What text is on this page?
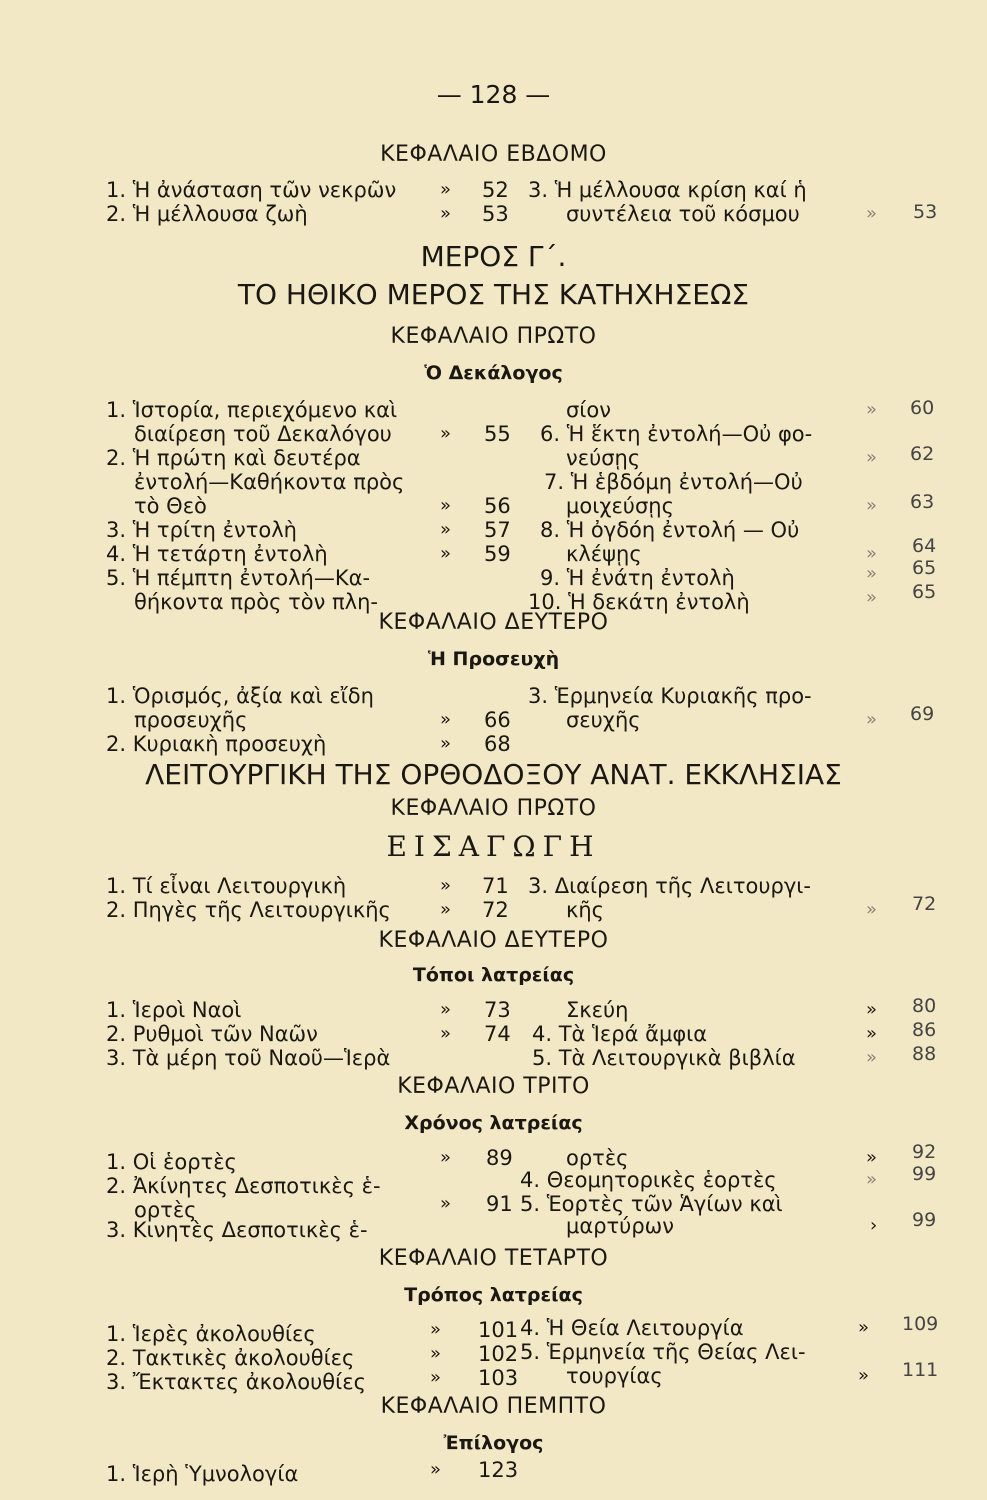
— 128 —
ΚΕΦΑΛΑΙΟ ΕΒΔΟΜΟ
1. Ἡ ἀνάσταση τῶν νεκρῶν » 52
2. Ἡ μέλλουσα ζωὴ	» 53
3. Ἡ μέλλουσα κρίση καί ἡ
συντέλεια τοῦ κόσμου	» 53
ΜΕΡΟΣ Γ΄.
ΤΟ ΗΘΙΚΟ ΜΕΡΟΣ ΤΗΣ ΚΑΤΗΧΗΣΕΩΣ
ΚΕΦΑΛΑΙΟ ΠΡΩΤΟ
Ὁ Δεκάλογος
1. Ἱστορία, περιεχόμενο καὶ
διαίρεση τοῦ Δεκαλόγου	» 55
2. Ἡ πρώτη καὶ δευτέρα
ἐντολή—Καθήκοντα πρὸς
τὸ Θεὸ	» 56
3. Ἡ τρίτη ἐντολὴ	» 57
4. Ἡ τετάρτη ἐντολὴ	» 59
5. Ἡ πέμπτη ἐντολή—Κα-
θήκοντα πρὸς τὸν πλη-
σίον	» 60
6. Ἡ ἕκτη ἐντολή—Οὐ φο-
νεύσῃς	» 62
7. Ἡ ἑβδόμη ἐντολή—Οὐ
μοιχεύσῃς	» 63
8. Ἡ ὀγδόη ἐντολή — Οὐ
κλέψῃς	» 64
9. Ἡ ἐνάτη ἐντολὴ	» 65
10. Ἡ δεκάτη ἐντολὴ	» 65
ΚΕΦΑΛΑΙΟ ΔΕΥΤΕΡΟ
Ἡ Προσευχὴ
1. Ὁρισμός, ἀξία καὶ εἴδη
προσευχῆς	» 66
2. Κυριακὴ προσευχὴ	» 68
3. Ἑρμηνεία Κυριακῆς προ-
σευχῆς	» 69
ΛΕΙΤΟΥΡΓΙΚΗ ΤΗΣ ΟΡΘΟΔΟΞΟΥ ΑΝΑΤ. ΕΚΚΛΗΣΙΑΣ
ΚΕΦΑΛΑΙΟ ΠΡΩΤΟ
ΕΙΣΑΓΩΓΗ
1. Τί εἶναι Λειτουργικὴ	» 71
2. Πηγὲς τῆς Λειτουργικῆς	» 72
3. Διαίρεση τῆς Λειτουργι-
κῆς	» 72
ΚΕΦΑΛΑΙΟ ΔΕΥΤΕΡΟ
Τόποι λατρείας
1. Ἱεροὶ Ναοὶ	» 73
2. Ρυθμοὶ τῶν Ναῶν	» 74
3. Τὰ μέρη τοῦ Ναοῦ—Ἱερὰ
Σκεύη	» 80
4. Τὰ Ἱερά ἄμφια	» 86
5. Τὰ Λειτουργικὰ βιβλία	» 88
ΚΕΦΑΛΑΙΟ ΤΡΙΤΟ
Χρόνος λατρείας
1. Οἱ ἑορτὲς	» 89
2. Ἀκίνητες Δεσποτικὲς ἑ-
ορτὲς	» 91
3. Κινητὲς Δεσποτικὲς ἑ-
ορτὲς	» 92
4. Θεομητορικὲς ἑορτὲς	» 99
5. Ἑορτὲς τῶν Ἁγίων καὶ
μαρτύρων	› 99
ΚΕΦΑΛΑΙΟ ΤΕΤΑΡΤΟ
Τρόπος λατρείας
1. Ἱερὲς ἀκολουθίες	» 101
2. Τακτικὲς ἀκολουθίες	» 102
3. Ἔκτακτες ἀκολουθίες	» 103
4. Ἡ Θεία Λειτουργία	» 109
5. Ἑρμηνεία τῆς Θείας Λει-
τουργίας	» 111
ΚΕΦΑΛΑΙΟ ΠΕΜΠΤΟ
Ἐπίλογος
1. Ἱερὴ Ὑμνολογία	» 123
